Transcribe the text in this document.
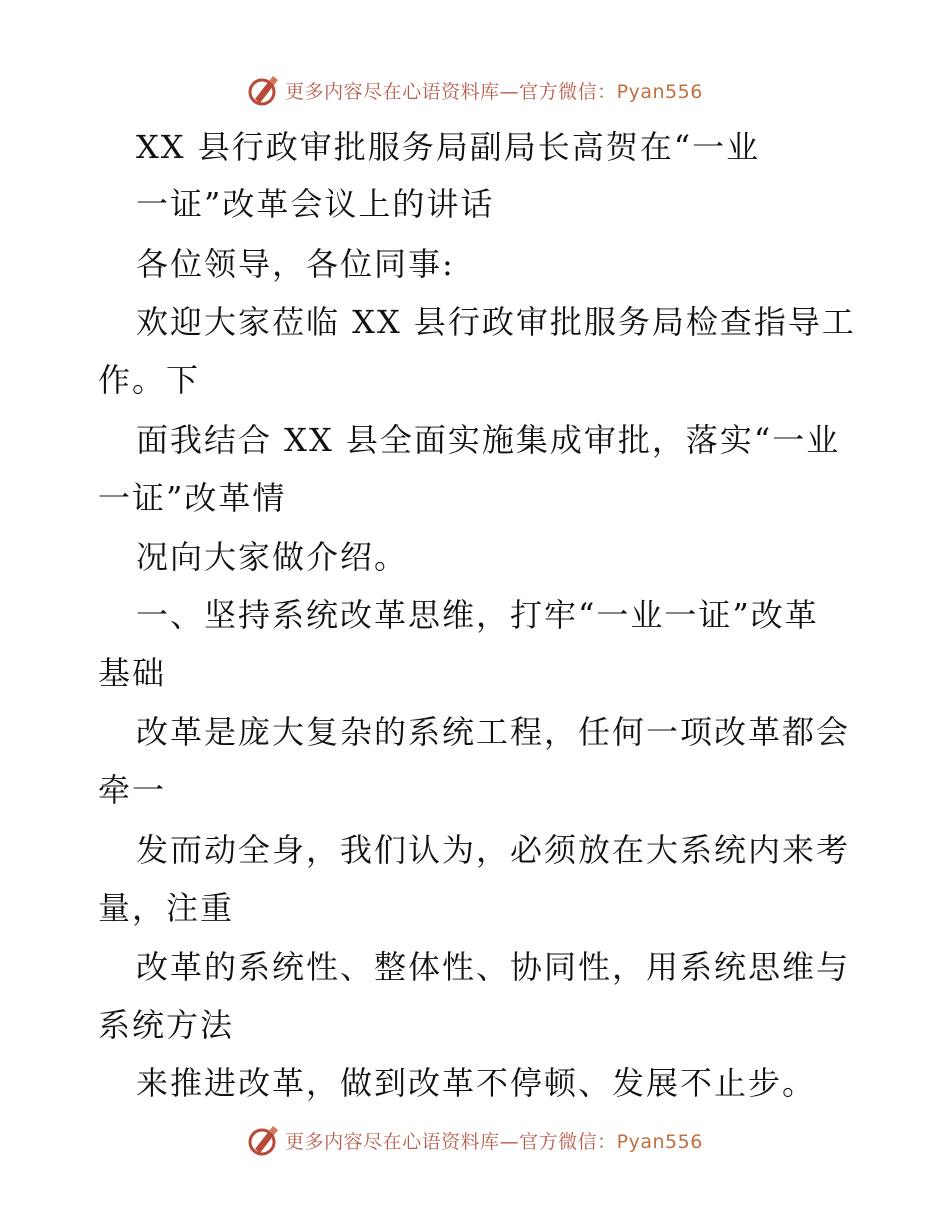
更多内容尽在心语资料库—官方微信：Pyan556
XX 县行政审批服务局副局长高贺在“一业
一证”改革会议上的讲话
各位领导，各位同事:
欢迎大家莅临 XX 县行政审批服务局检查指导工
作。下
面我结合 XX 县全面实施集成审批，落实“一业
一证”改革情
况向大家做介绍。
一、坚持系统改革思维，打牢“一业一证”改革
基础
改革是庞大复杂的系统工程，任何一项改革都会
牵一
发而动全身，我们认为，必须放在大系统内来考
量，注重
改革的系统性、整体性、协同性，用系统思维与
系统方法
来推进改革，做到改革不停顿、发展不止步。
更多内容尽在心语资料库—官方微信：Pyan556
